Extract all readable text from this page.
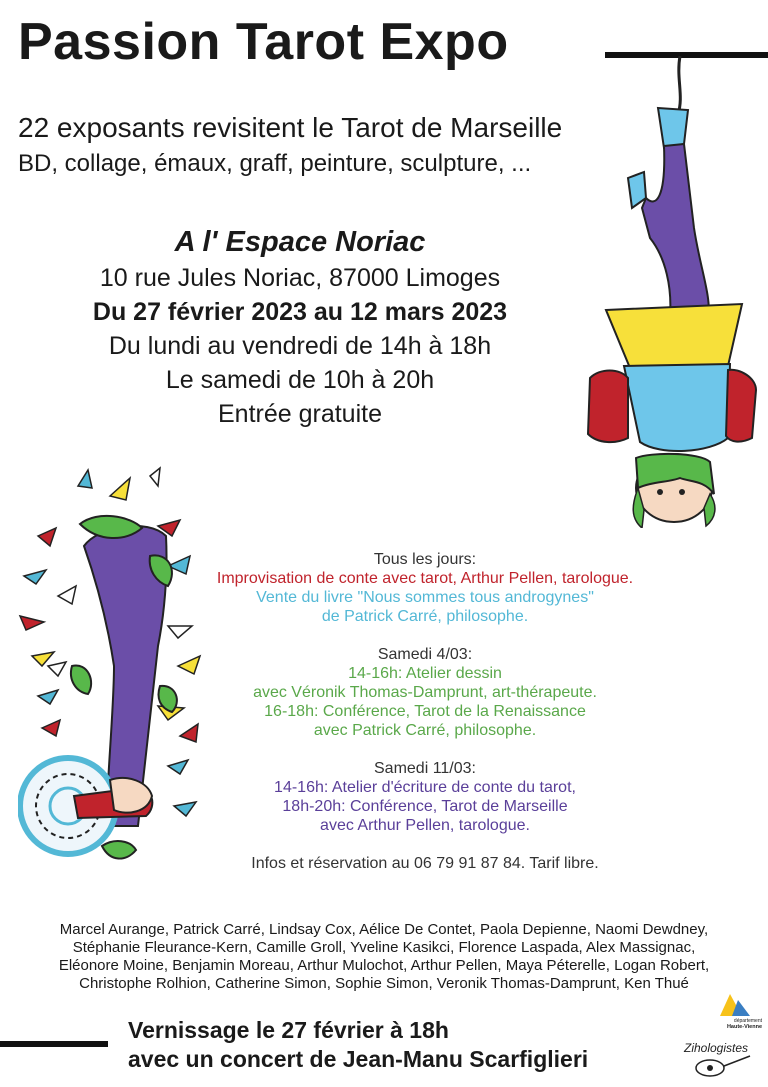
Passion Tarot Expo

22 exposants revisitent le Tarot de Marseille

BD, collage, émaux, graff, peinture, sculpture, ...

A l' Espace Noriac

10 rue Jules Noriac, 87000 Limoges

Du 27 février 2023 au 12 mars 2023

Du lundi au vendredi de 14h à 18h

Le samedi de 10h à 20h

Entrée gratuite

Tous les jours:

Improvisation de conte avec tarot, Arthur Pellen, tarologue.

Vente du livre "Nous sommes tous androgynes"

de Patrick Carré, philosophe.

Samedi 4/03:

14-16h: Atelier dessin

avec Véronik Thomas-Damprunt, art-thérapeute.

16-18h: Conférence, Tarot de la Renaissance

avec Patrick Carré, philosophe.

Samedi 11/03:

14-16h: Atelier d'écriture de conte du tarot,

18h-20h: Conférence, Tarot de Marseille

avec Arthur Pellen, tarologue.

Infos et réservation au 06 79 91 87 84. Tarif libre.

Marcel Aurange, Patrick Carré, Lindsay Cox, Aélice De Contet, Paola Depienne, Naomi Dewdney,
Stéphanie Fleurance-Kern, Camille Groll, Yveline Kasikci, Florence Laspada, Alex Massignac,
Eléonore Moine, Benjamin Moreau, Arthur Mulochot, Arthur Pellen, Maya Péterelle, Logan Robert,
Christophe Rolhion, Catherine Simon, Sophie Simon, Veronik Thomas-Damprunt, Ken Thué
Vernissage le 27 février à 18h
avec un concert de Jean-Manu Scarfiglieri
département
Haute-Vienne
Zihologistes
